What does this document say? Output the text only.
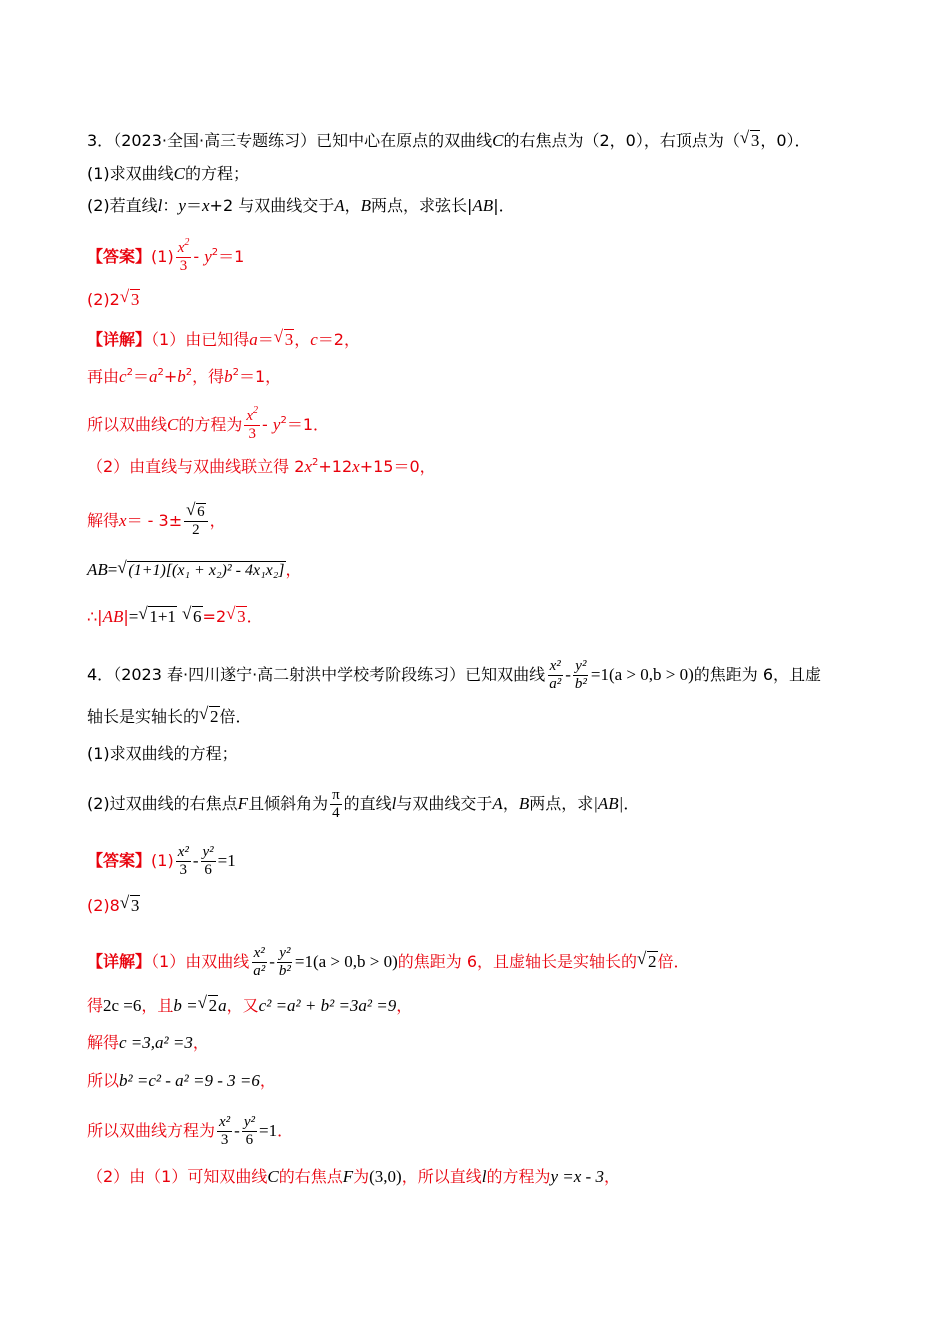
3．（2023·全国·高三专题练习）已知中心在原点的双曲线C的右焦点为（2，0），右顶点为（ √ 3，0）．
(1)求双曲线C的方程；
(2)若直线l：y＝x+2 与双曲线交于A，B两点，求弦长|AB|．
【答案】$(1) \frac{x^2}{3} - y^2=1$
(2)2 √ 3
【详解】（1）由已知得a＝ √ 3，c＝2，
再由$c^2=a^2+b^2$，得$b^2=1$，
所以双曲线C的方程为 $\frac{x^2}{3} - y^2=1$．
（2）由直线与双曲线联立得 $2x^2+12x+15=0$，
解得$x= - 3\pm \frac{√ 6}{2}$ ，
AB= √ (1+1)[(x₁ + x₂)² - 4x₁x₂]，
∴|AB|= √ 1+1 √ 6=2 √ 3．
4．（2023 春·四川遂宁·高二射洪中学校考阶段练习）已知双曲线 $\frac{\text{x²}}{\text{a²}} - \frac{\text{y²}}{\text{b²}} =1(a > 0,b > 0)$的焦距为 6，且虚
轴长是实轴长的 √ 2倍．
(1)求双曲线的方程；
(2)过双曲线的右焦点F且倾斜角为 $\frac{\pi}{4}$ 的直线l与双曲线交于A，B两点，求|AB|．
【答案】$(1) \frac{\text{x²}}{3} - \frac{\text{y²}}{6} =1$
(2)8 √ 3
【详解】（1）由双曲线 $\frac{\text{x²}}{\text{a²}} - \frac{\text{y²}}{\text{b²}} =1(a > 0,b > 0)$的焦距为 6，且虚轴长是实轴长的 √ 2倍．
得2c =6，且b = √ 2a，又c² =a² + b² =3a² =9，
解得c =3,a² =3，
所以b² =c² - a² =9 - 3 =6，
所以双曲线方程为 $\frac{\text{x²}}{3} - \frac{\text{y²}}{6} =1$．
（2）由（1）可知双曲线C的右焦点F为(3,0)，所以直线l的方程为y =x - 3，
